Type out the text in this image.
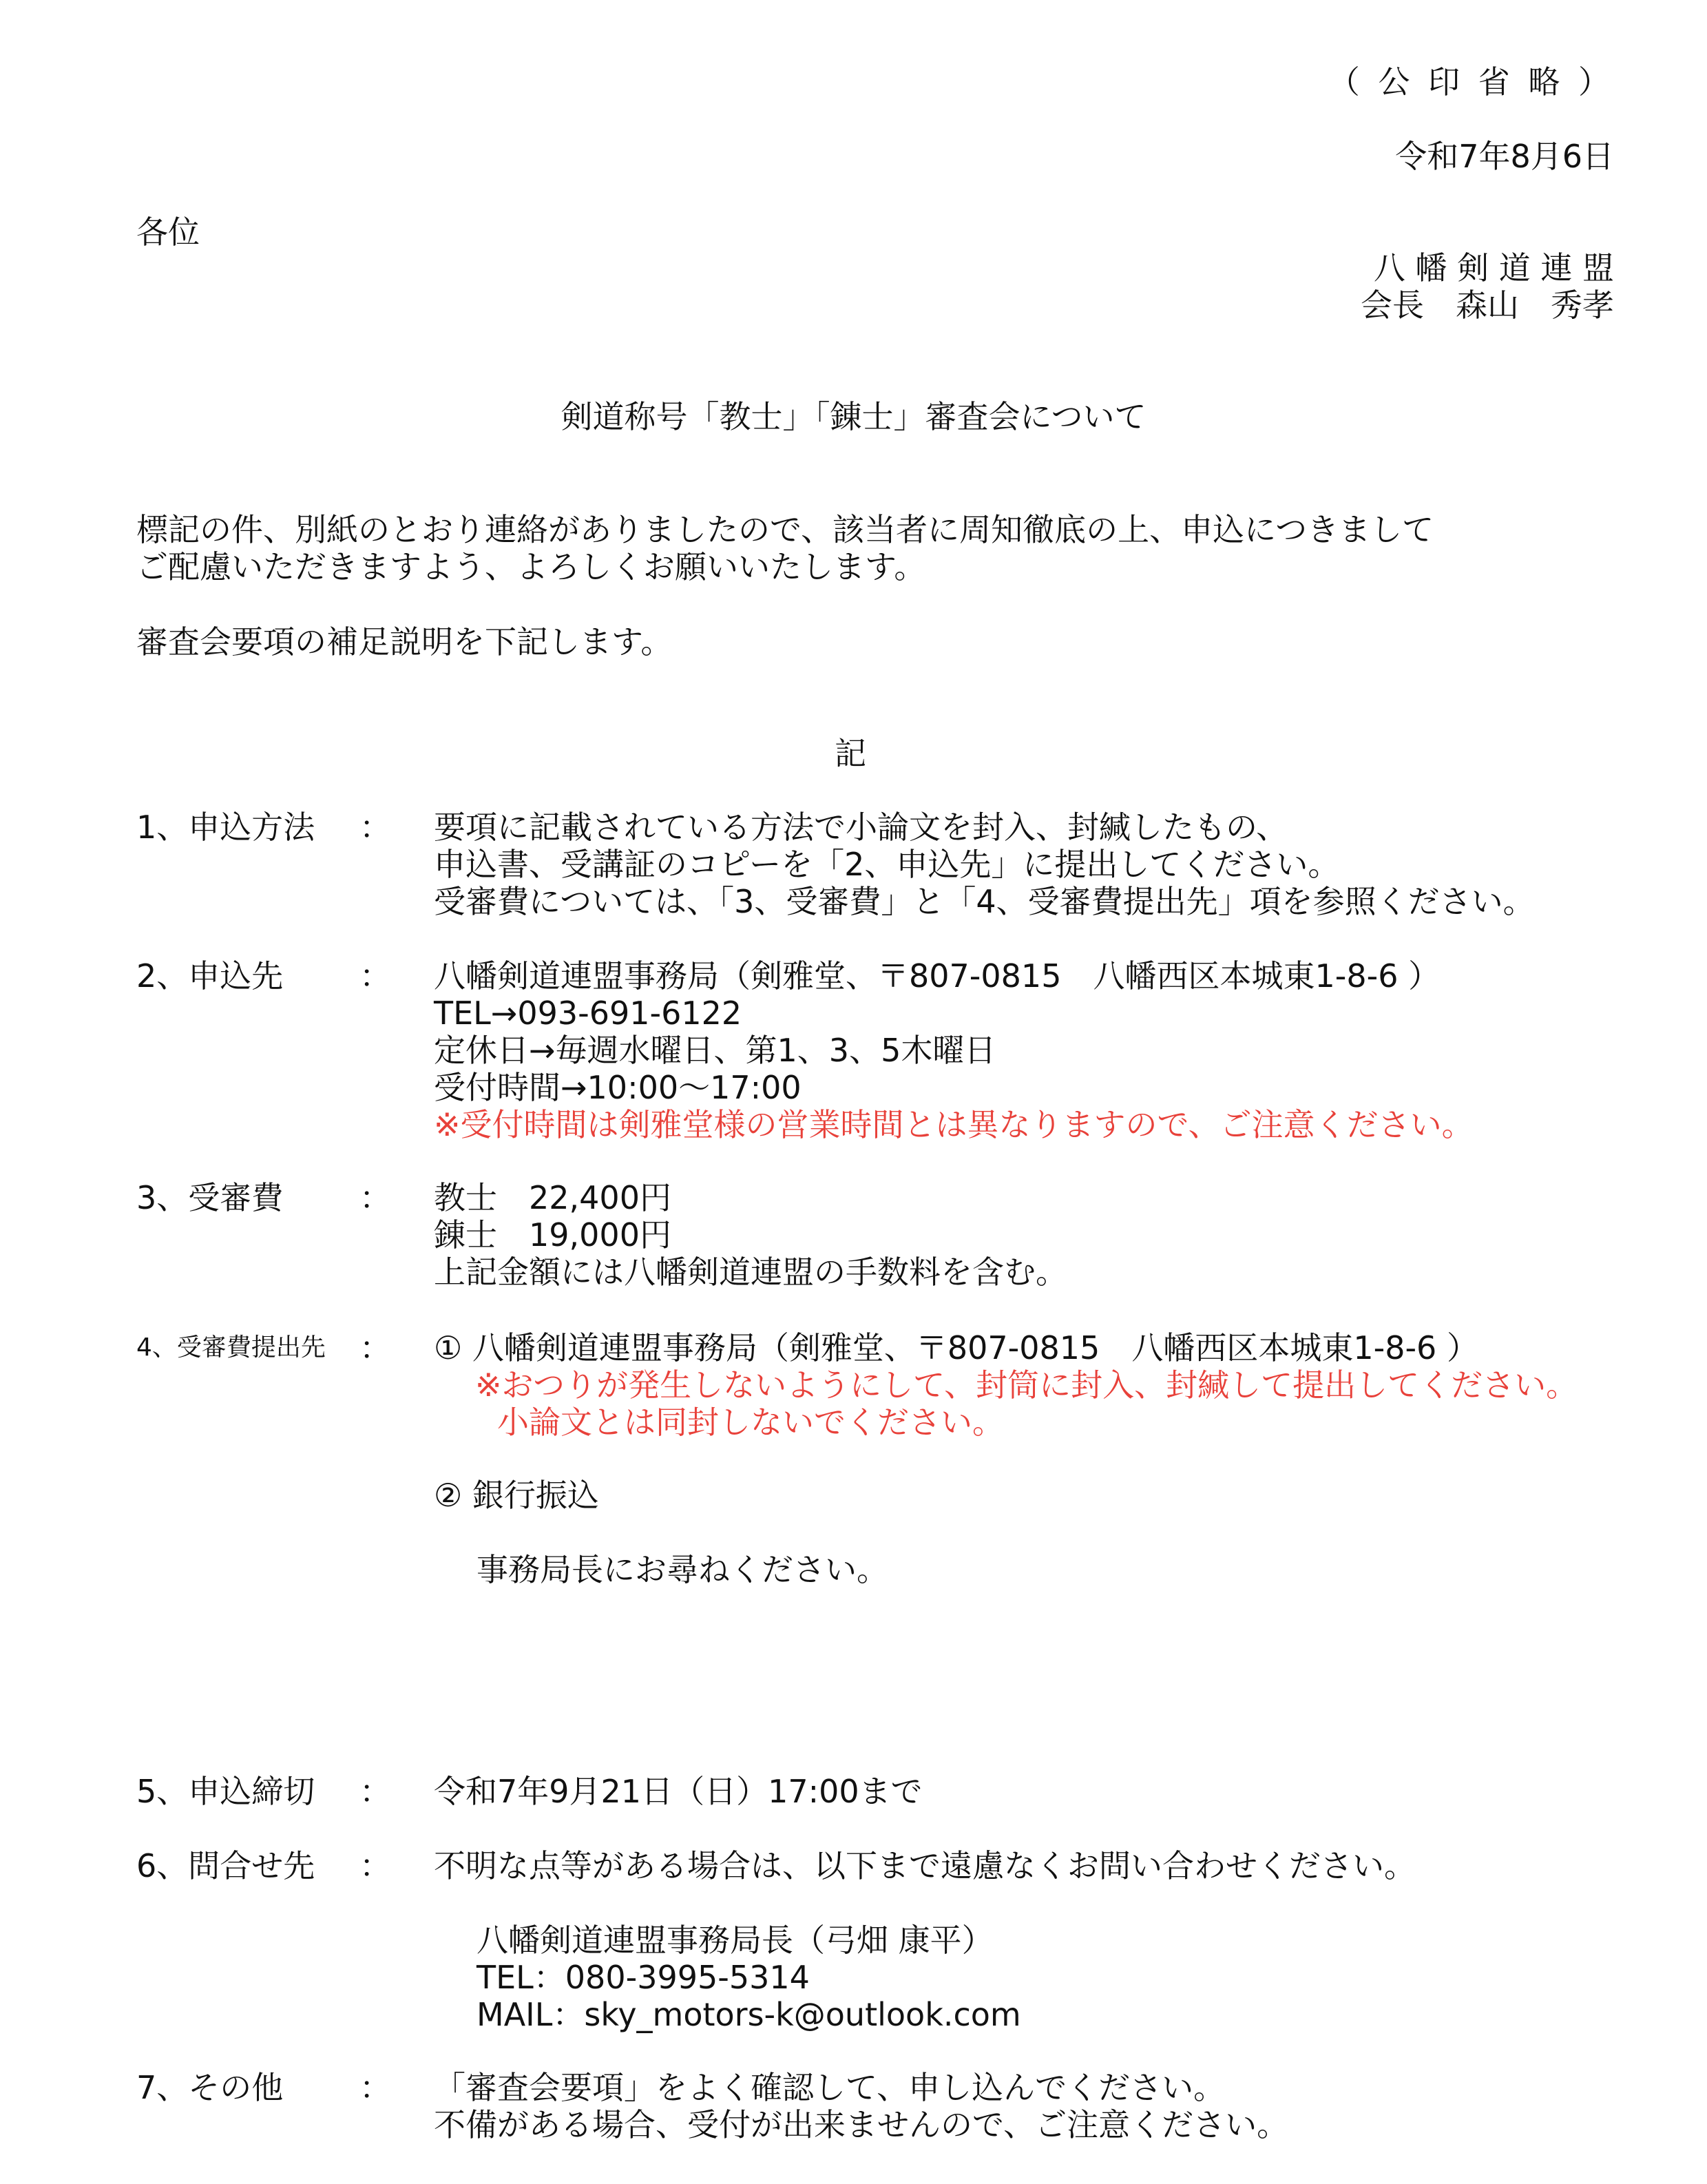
（ 公 印 省 略 ）
令和7年8月6日
各位
八 幡 剣 道 連 盟
会長　森山　秀孝
剣道称号「教士」「錬士」審査会について
標記の件、別紙のとおり連絡がありましたので、該当者に周知徹底の上、申込につきまして
ご配慮いただきますよう、よろしくお願いいたします。
審査会要項の補足説明を下記します。
記
1、申込方法 ： 要項に記載されている方法で小論文を封入、封緘したもの、
申込書、受講証のコピーを「2、申込先」に提出してください。
受審費については、「3、受審費」と「4、受審費提出先」項を参照ください。
2、申込先 ： 八幡剣道連盟事務局（剣雅堂、〒807-0815　八幡西区本城東1-8-6 ）
TEL→093-691-6122
定休日→毎週水曜日、第1、3、5木曜日
受付時間→10:00～17:00
※受付時間は剣雅堂様の営業時間とは異なりますので、ご注意ください。
3、受審費 ： 教士　22,400円
錬士　19,000円
上記金額には八幡剣道連盟の手数料を含む。
4、受審費提出先 ： ① 八幡剣道連盟事務局（剣雅堂、〒807-0815　八幡西区本城東1-8-6 ）
※おつりが発生しないようにして、封筒に封入、封緘して提出してください。
小論文とは同封しないでください。
② 銀行振込
事務局長にお尋ねください。
5、申込締切 ： 令和7年9月21日（日）17:00まで
6、問合せ先 ： 不明な点等がある場合は、以下まで遠慮なくお問い合わせください。
八幡剣道連盟事務局長（弓畑 康平）
TEL：080-3995-5314
MAIL：sky_motors-k@outlook.com
7、その他 ： 「審査会要項」をよく確認して、申し込んでください。
不備がある場合、受付が出来ませんので、ご注意ください。
